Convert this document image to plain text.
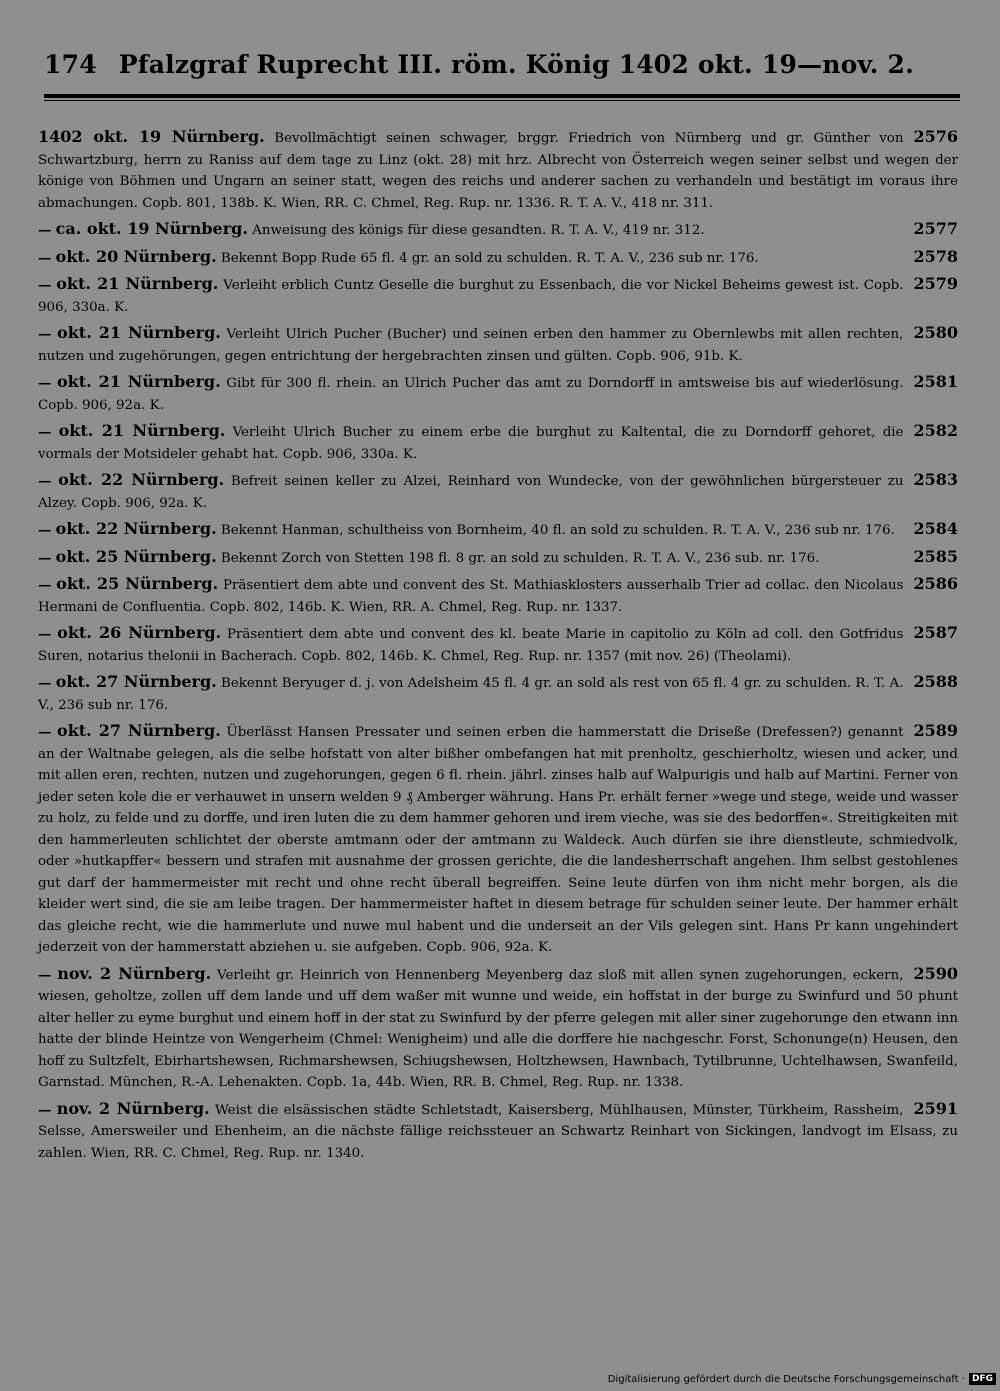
174 Pfalzgraf Ruprecht III. röm. König 1402 okt. 19—nov. 2.
2576
1402 okt. 19 Nürnberg. Bevollmächtigt seinen schwager, brggr. Friedrich von Nürnberg und gr. Günther von Schwartzburg, herrn zu Raniss auf dem tage zu Linz (okt. 28) mit hrz. Albrecht von Österreich wegen seiner selbst und wegen der könige von Böhmen und Ungarn an seiner statt, wegen des reichs und anderer sachen zu verhandeln und bestätigt im voraus ihre abmachungen. Copb. 801, 138b. K. Wien, RR. C. Chmel, Reg. Rup. nr. 1336. R. T. A. V., 418 nr. 311.
2577
— ca. okt. 19 Nürnberg. Anweisung des königs für diese gesandten. R. T. A. V., 419 nr. 312.
2578
— okt. 20 Nürnberg. Bekennt Bopp Rude 65 fl. 4 gr. an sold zu schulden. R. T. A. V., 236 sub nr. 176.
2579
— okt. 21 Nürnberg. Verleiht erblich Cuntz Geselle die burghut zu Essenbach, die vor Nickel Beheims gewest ist. Copb. 906, 330a. K.
2580
— okt. 21 Nürnberg. Verleiht Ulrich Pucher (Bucher) und seinen erben den hammer zu Obernlewbs mit allen rechten, nutzen und zugehörungen, gegen entrichtung der hergebrachten zinsen und gülten. Copb. 906, 91b. K.
2581
— okt. 21 Nürnberg. Gibt für 300 fl. rhein. an Ulrich Pucher das amt zu Dorndorff in amtsweise bis auf wiederlösung. Copb. 906, 92a. K.
2582
— okt. 21 Nürnberg. Verleiht Ulrich Bucher zu einem erbe die burghut zu Kaltental, die zu Dorndorff gehoret, die vormals der Motsideler gehabt hat. Copb. 906, 330a. K.
2583
— okt. 22 Nürnberg. Befreit seinen keller zu Alzei, Reinhard von Wundecke, von der gewöhnlichen bürgersteuer zu Alzey. Copb. 906, 92a. K.
2584
— okt. 22 Nürnberg. Bekennt Hanman, schultheiss von Bornheim, 40 fl. an sold zu schulden. R. T. A. V., 236 sub nr. 176.
2585
— okt. 25 Nürnberg. Bekennt Zorch von Stetten 198 fl. 8 gr. an sold zu schulden. R. T. A. V., 236 sub. nr. 176.
2586
— okt. 25 Nürnberg. Präsentiert dem abte und convent des St. Mathiasklosters ausserhalb Trier ad collac. den Nicolaus Hermani de Confluentia. Copb. 802, 146b. K. Wien, RR. A. Chmel, Reg. Rup. nr. 1337.
2587
— okt. 26 Nürnberg. Präsentiert dem abte und convent des kl. beate Marie in capitolio zu Köln ad coll. den Gotfridus Suren, notarius thelonii in Bacherach. Copb. 802, 146b. K. Chmel, Reg. Rup. nr. 1357 (mit nov. 26) (Theolami).
2588
— okt. 27 Nürnberg. Bekennt Beryuger d. j. von Adelsheim 45 fl. 4 gr. an sold als rest von 65 fl. 4 gr. zu schulden. R. T. A. V., 236 sub nr. 176.
2589
— okt. 27 Nürnberg. Überlässt Hansen Pressater und seinen erben die hammerstatt die Driseße (Drefessen?) genannt an der Waltnabe gelegen, als die selbe hofstatt von alter bißher ombefangen hat mit prenholtz, geschierholtz, wiesen und acker, und mit allen eren, rechten, nutzen und zugehorungen, gegen 6 fl. rhein. jährl. zinses halb auf Walpurigis und halb auf Martini. Ferner von jeder seten kole die er verhauwet in unsern welden 9 ₰ Amberger währung. Hans Pr. erhält ferner »wege und stege, weide und wasser zu holz, zu felde und zu dorffe, und iren luten die zu dem hammer gehoren und irem vieche, was sie des bedorffen«. Streitigkeiten mit den hammerleuten schlichtet der oberste amtmann oder der amtmann zu Waldeck. Auch dürfen sie ihre dienstleute, schmiedvolk, oder »hutkapffer« bessern und strafen mit ausnahme der grossen gerichte, die die landesherrschaft angehen. Ihm selbst gestohlenes gut darf der hammermeister mit recht und ohne recht überall begreiffen. Seine leute dürfen von ihm nicht mehr borgen, als die kleider wert sind, die sie am leibe tragen. Der hammermeister haftet in diesem betrage für schulden seiner leute. Der hammer erhält das gleiche recht, wie die hammerlute und nuwe mul habent und die underseit an der Vils gelegen sint. Hans Pr kann ungehindert jederzeit von der hammerstatt abziehen u. sie aufgeben. Copb. 906, 92a. K.
2590
— nov. 2 Nürnberg. Verleiht gr. Heinrich von Hennenberg Meyenberg daz sloß mit allen synen zugehorungen, eckern, wiesen, geholtze, zollen uff dem lande und uff dem waßer mit wunne und weide, ein hoffstat in der burge zu Swinfurd und 50 phunt alter heller zu eyme burghut und einem hoff in der stat zu Swinfurd by der pferre gelegen mit aller siner zugehorunge den etwann inn hatte der blinde Heintze von Wengerheim (Chmel: Wenigheim) und alle die dorffere hie nachgeschr. Forst, Schonunge(n) Heusen, den hoff zu Sultzfelt, Ebirhartshewsen, Richmarshewsen, Schiugshewsen, Holtzhewsen, Hawnbach, Tytilbrunne, Uchtelhawsen, Swanfeild, Garnstad. München, R.-A. Lehenakten. Copb. 1a, 44b. Wien, RR. B. Chmel, Reg. Rup. nr. 1338.
2591
— nov. 2 Nürnberg. Weist die elsässischen städte Schletstadt, Kaisersberg, Mühlhausen, Münster, Türkheim, Rassheim, Selsse, Amersweiler und Ehenheim, an die nächste fällige reichssteuer an Schwartz Reinhart von Sickingen, landvogt im Elsass, zu zahlen. Wien, RR. C. Chmel, Reg. Rup. nr. 1340.
Digitalisierung gefördert durch die Deutsche Forschungsgemeinschaft · DFG
